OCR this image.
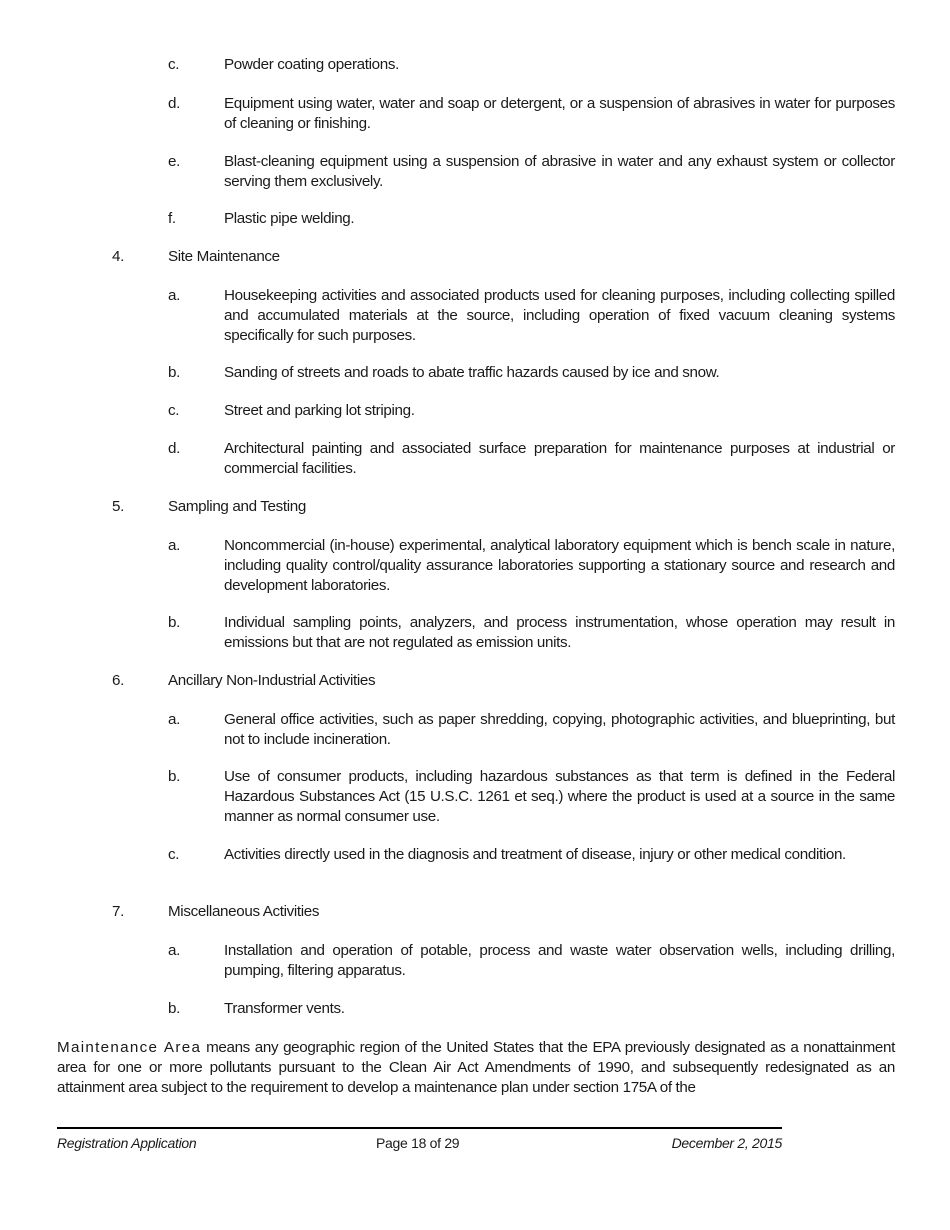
c.	Powder coating operations.
d.	Equipment using water, water and soap or detergent, or a suspension of abrasives in water for purposes of cleaning or finishing.
e.	Blast-cleaning equipment using a suspension of abrasive in water and any exhaust system or collector serving them exclusively.
f.	Plastic pipe welding.
4.	Site Maintenance
a.	Housekeeping activities and associated products used for cleaning purposes, including collecting spilled and accumulated materials at the source, including operation of fixed vacuum cleaning systems specifically for such purposes.
b.	Sanding of streets and roads to abate traffic hazards caused by ice and snow.
c.	Street and parking lot striping.
d.	Architectural painting and associated surface preparation for maintenance purposes at industrial or commercial facilities.
5.	Sampling and Testing
a.	Noncommercial (in-house) experimental, analytical laboratory equipment which is bench scale in nature, including quality control/quality assurance laboratories supporting a stationary source and research and development laboratories.
b.	Individual sampling points, analyzers, and process instrumentation, whose operation may result in emissions but that are not regulated as emission units.
6.	Ancillary Non-Industrial Activities
a.	General office activities, such as paper shredding, copying, photographic activities, and blueprinting, but not to include incineration.
b.	Use of consumer products, including hazardous substances as that term is defined in the Federal Hazardous Substances Act (15 U.S.C. 1261 et seq.) where the product is used at a source in the same manner as normal consumer use.
c.	Activities directly used in the diagnosis and treatment of disease, injury or other medical condition.
7.	Miscellaneous Activities
a.	Installation and operation of potable, process and waste water observation wells, including drilling, pumping, filtering apparatus.
b.	Transformer vents.
Maintenance Area means any geographic region of the United States that the EPA previously designated as a nonattainment area for one or more pollutants pursuant to the Clean Air Act Amendments of 1990, and subsequently redesignated as an attainment area subject to the requirement to develop a maintenance plan under section 175A of the
Registration Application	Page 18 of 29	December 2, 2015
